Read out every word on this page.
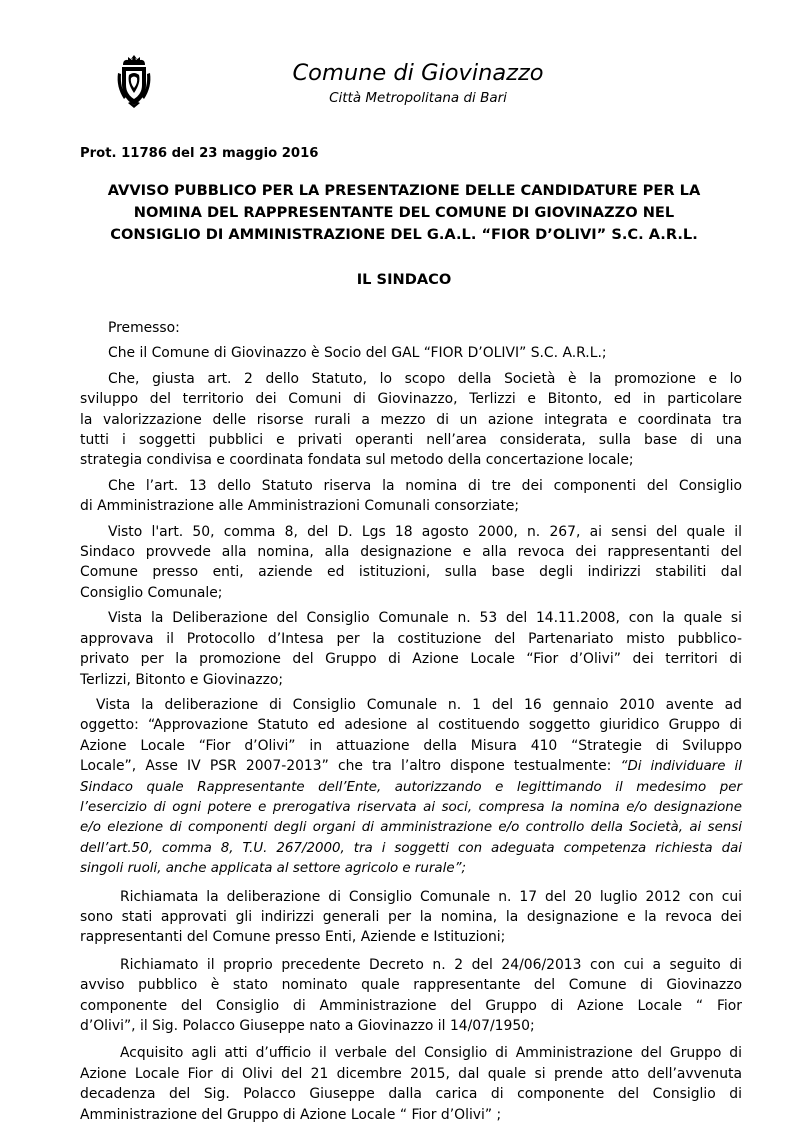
Comune di Giovinazzo
Città Metropolitana di Bari
Prot. 11786 del 23 maggio 2016
AVVISO PUBBLICO PER LA PRESENTAZIONE DELLE CANDIDATURE PER LA
NOMINA DEL RAPPRESENTANTE DEL COMUNE DI GIOVINAZZO NEL
CONSIGLIO DI AMMINISTRAZIONE DEL G.A.L. “FIOR D’OLIVI” S.C. A.R.L.
IL SINDACO

Premesso:

Che il Comune di Giovinazzo è Socio del GAL “FIOR D’OLIVI” S.C. A.R.L.;

Che, giusta art. 2 dello Statuto, lo scopo della Società è la promozione e lo
sviluppo del territorio dei Comuni di Giovinazzo, Terlizzi e Bitonto, ed in particolare
la valorizzazione delle risorse rurali a mezzo di un azione integrata e coordinata tra
tutti i soggetti pubblici e privati operanti nell’area considerata, sulla base di una
strategia condivisa e coordinata fondata sul metodo della concertazione locale;

Che l’art. 13 dello Statuto riserva la nomina di tre dei componenti del Consiglio
di Amministrazione alle Amministrazioni Comunali consorziate;

Visto l'art. 50, comma 8, del D. Lgs 18 agosto 2000, n. 267, ai sensi del quale il
Sindaco provvede alla nomina, alla designazione e alla revoca dei rappresentanti del
Comune presso enti, aziende ed istituzioni, sulla base degli indirizzi stabiliti dal
Consiglio Comunale;

Vista la Deliberazione del Consiglio Comunale n. 53 del 14.11.2008, con la quale si
approvava il Protocollo d’Intesa per la costituzione del Partenariato misto pubblico-
privato per la promozione del Gruppo di Azione Locale “Fior d’Olivi” dei territori di
Terlizzi, Bitonto e Giovinazzo;

Vista la deliberazione di Consiglio Comunale n. 1 del 16 gennaio 2010 avente ad
oggetto: “Approvazione Statuto ed adesione al costituendo soggetto giuridico Gruppo di
Azione Locale “Fior d’Olivi” in attuazione della Misura 410 “Strategie di Sviluppo
Locale”, Asse IV PSR 2007-2013” che tra l’altro dispone testualmente: “Di individuare il
Sindaco quale Rappresentante dell’Ente, autorizzando e legittimando il medesimo per
l’esercizio di ogni potere e prerogativa riservata ai soci, compresa la nomina e/o designazione
e/o elezione di componenti degli organi di amministrazione e/o controllo della Società, ai sensi
dell’art.50, comma 8, T.U. 267/2000, tra i soggetti con adeguata competenza richiesta dai
singoli ruoli, anche applicata al settore agricolo e rurale”;

Richiamata la deliberazione di Consiglio Comunale n. 17 del 20 luglio 2012 con cui
sono stati approvati gli indirizzi generali per la nomina, la designazione e la revoca dei
rappresentanti del Comune presso Enti, Aziende e Istituzioni;

Richiamato il proprio precedente Decreto n. 2 del 24/06/2013 con cui a seguito di
avviso pubblico è stato nominato quale rappresentante del Comune di Giovinazzo
componente del Consiglio di Amministrazione del Gruppo di Azione Locale “ Fior
d’Olivi”, il Sig. Polacco Giuseppe nato a Giovinazzo il 14/07/1950;

Acquisito agli atti d’ufficio il verbale del Consiglio di Amministrazione del Gruppo di
Azione Locale Fior di Olivi del 21 dicembre 2015, dal quale si prende atto dell’avvenuta
decadenza del Sig. Polacco Giuseppe dalla carica di componente del Consiglio di
Amministrazione del Gruppo di Azione Locale “ Fior d’Olivi” ;
